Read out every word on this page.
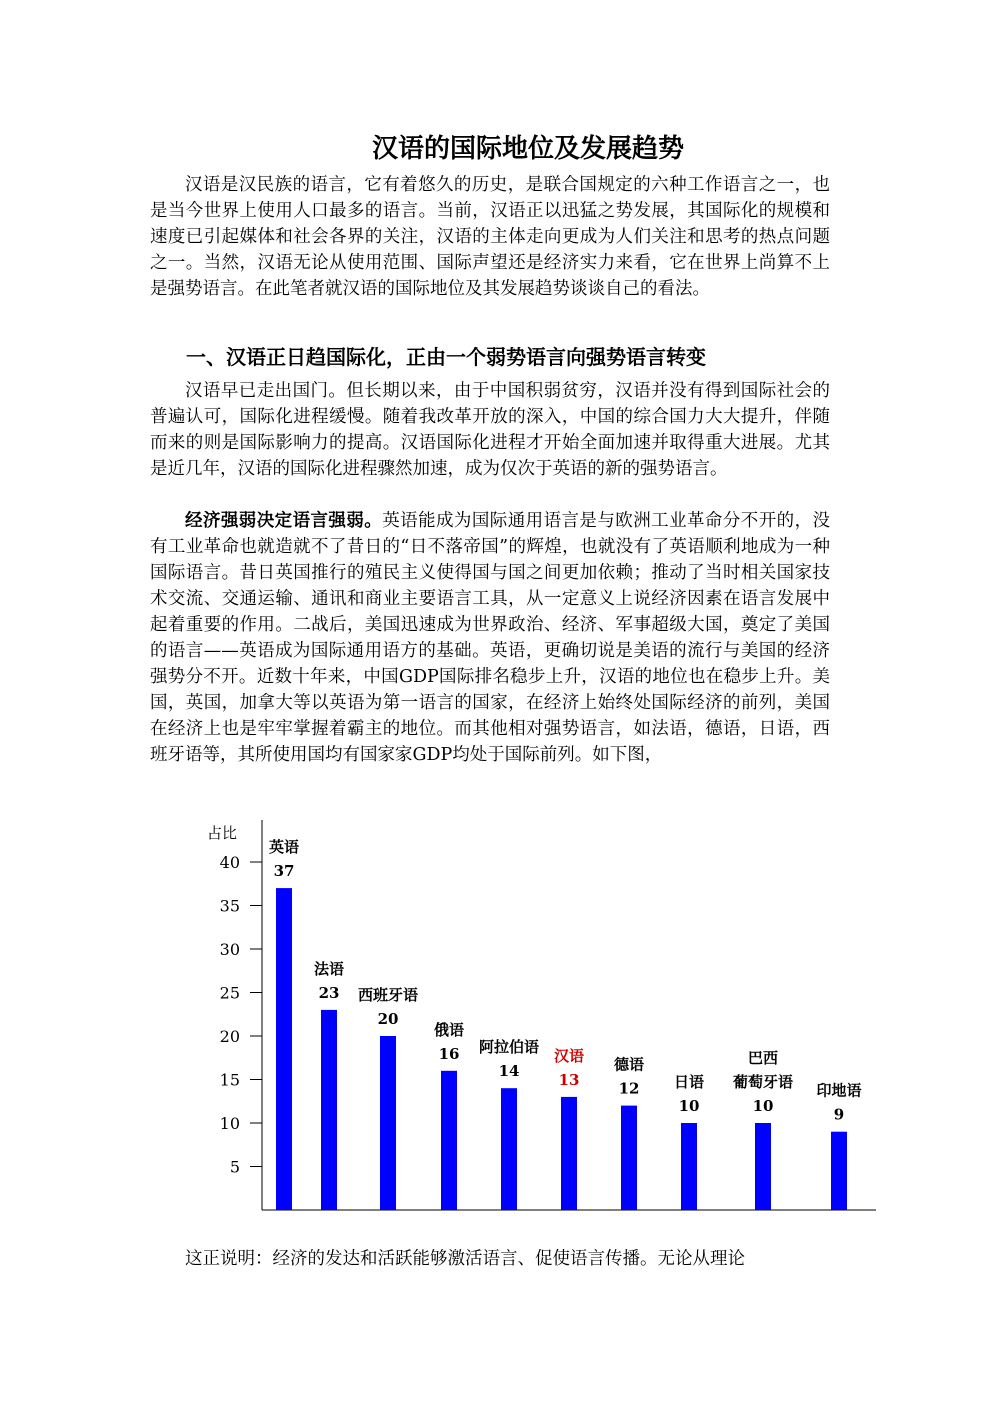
汉语的国际地位及发展趋势

汉语是汉民族的语言，它有着悠久的历史，是联合国规定的六种工作语言之一，也是当今世界上使用人口最多的语言。当前，汉语正以迅猛之势发展，其国际化的规模和速度已引起媒体和社会各界的关注，汉语的主体走向更成为人们关注和思考的热点问题之一。当然，汉语无论从使用范围、国际声望还是经济实力来看，它在世界上尚算不上是强势语言。在此笔者就汉语的国际地位及其发展趋势谈谈自己的看法。

一、汉语正日趋国际化，正由一个弱势语言向强势语言转变

汉语早已走出国门。但长期以来，由于中国积弱贫穷，汉语并没有得到国际社会的普遍认可，国际化进程缓慢。随着我改革开放的深入，中国的综合国力大大提升，伴随而来的则是国际影响力的提高。汉语国际化进程才开始全面加速并取得重大进展。尤其是近几年，汉语的国际化进程骤然加速，成为仅次于英语的新的强势语言。

经济强弱决定语言强弱。英语能成为国际通用语言是与欧洲工业革命分不开的，没有工业革命也就造就不了昔日的“日不落帝国”的辉煌，也就没有了英语顺利地成为一种国际语言。昔日英国推行的殖民主义使得国与国之间更加依赖；推动了当时相关国家技术交流、交通运输、通讯和商业主要语言工具，从一定意义上说经济因素在语言发展中起着重要的作用。二战后，美国迅速成为世界政治、经济、军事超级大国，奠定了美国的语言——英语成为国际通用语方的基础。英语，更确切说是美语的流行与美国的经济强势分不开。近数十年来，中国GDP国际排名稳步上升，汉语的地位也在稳步上升。美国，英国，加拿大等以英语为第一语言的国家，在经济上始终处国际经济的前列，美国在经济上也是牢牢掌握着霸主的地位。而其他相对强势语言，如法语，德语，日语，西班牙语等，其所使用国均有国家家GDP均处于国际前列。如下图，

占比
5
10
15
20
25
30
35
40 37
英语
23
法语
20
西班牙语
16
俄语
14
阿拉伯语
13
汉语
12
德语
10
日语
10
葡萄牙语
巴西
9
印地语

这正说明：经济的发达和活跃能够激活语言、促使语言传播。无论从理论
